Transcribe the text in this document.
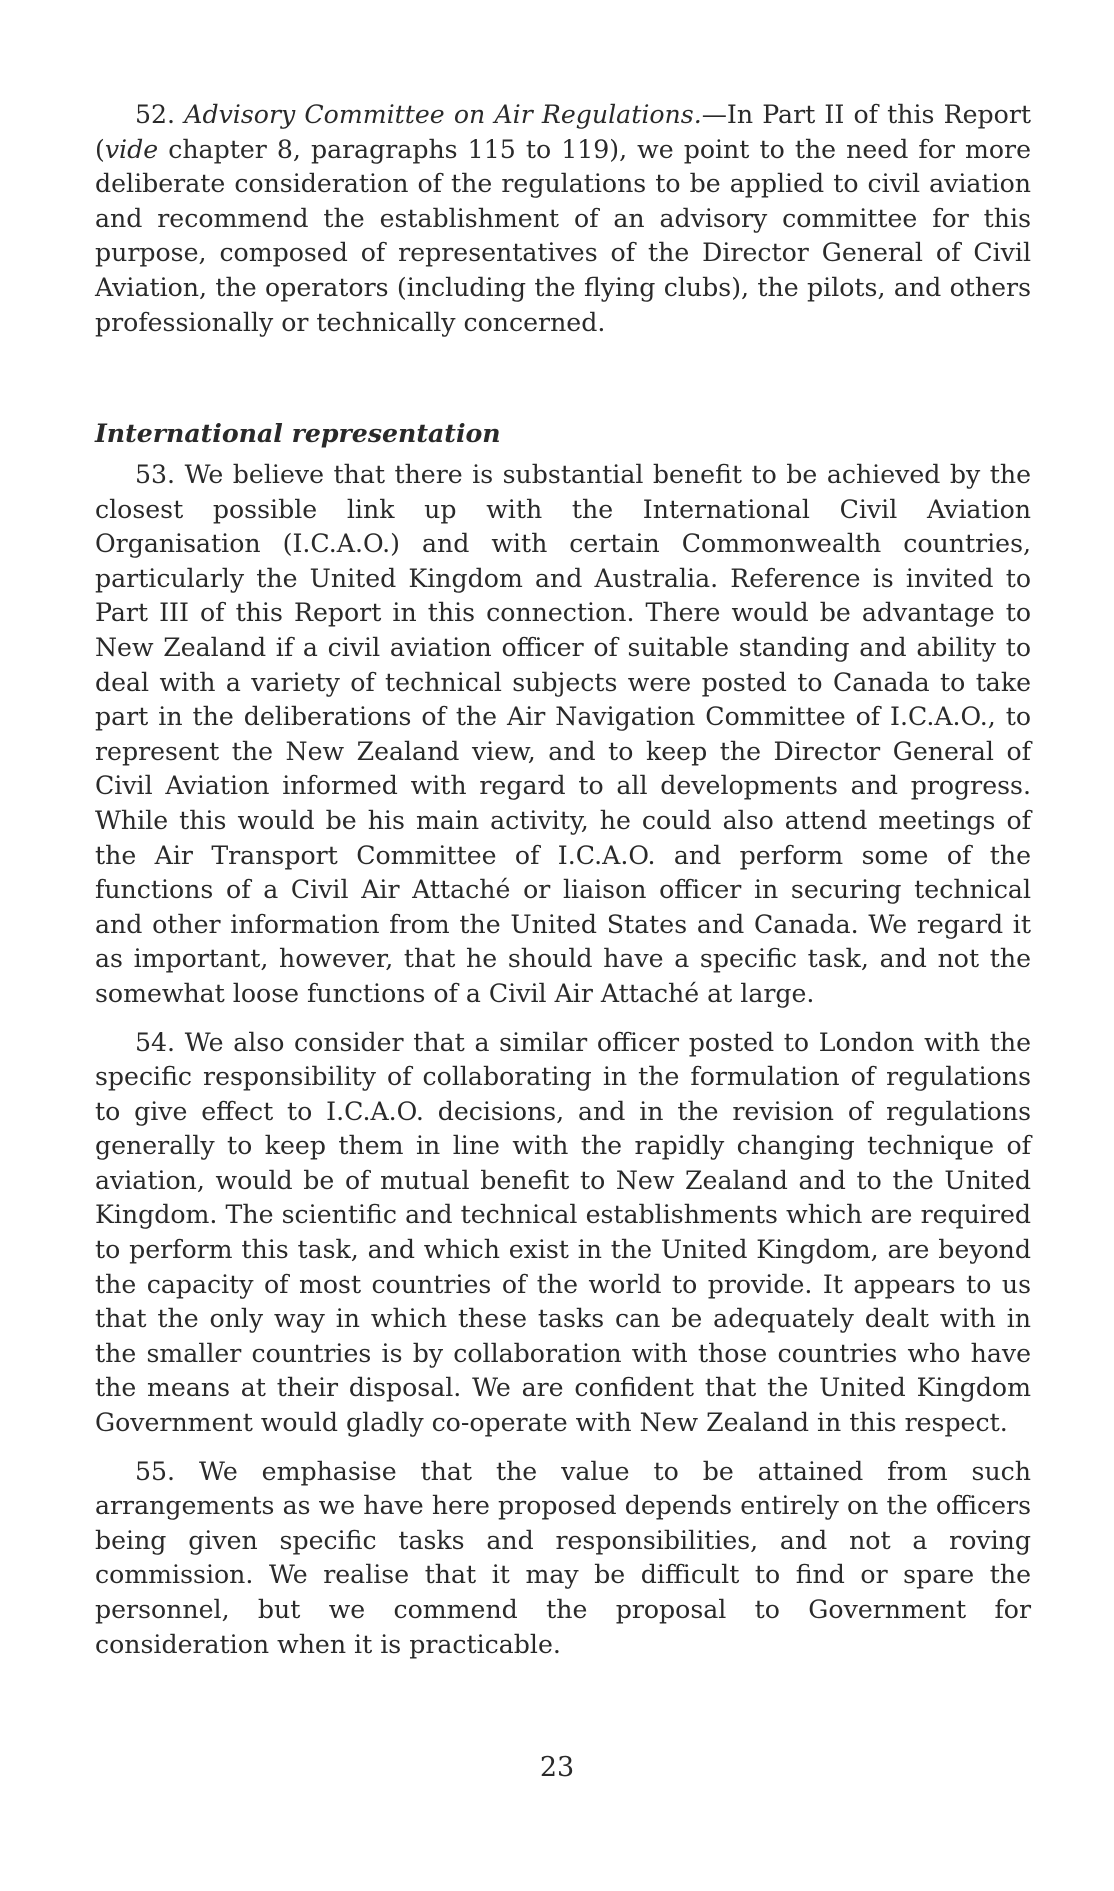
52. Advisory Committee on Air Regulations.—In Part II of this Report (vide chapter 8, paragraphs 115 to 119), we point to the need for more deliberate consideration of the regulations to be applied to civil aviation and recommend the establishment of an advisory committee for this purpose, composed of representatives of the Director General of Civil Aviation, the operators (including the flying clubs), the pilots, and others professionally or technically concerned.

International representation

53. We believe that there is substantial benefit to be achieved by the closest possible link up with the International Civil Aviation Organisation (I.C.A.O.) and with certain Commonwealth countries, particularly the United Kingdom and Australia. Reference is invited to Part III of this Report in this connection. There would be advantage to New Zealand if a civil aviation officer of suitable standing and ability to deal with a variety of technical subjects were posted to Canada to take part in the deliberations of the Air Navigation Committee of I.C.A.O., to represent the New Zealand view, and to keep the Director General of Civil Aviation informed with regard to all developments and progress. While this would be his main activity, he could also attend meetings of the Air Transport Committee of I.C.A.O. and perform some of the functions of a Civil Air Attaché or liaison officer in securing technical and other information from the United States and Canada. We regard it as important, however, that he should have a specific task, and not the somewhat loose functions of a Civil Air Attaché at large.

54. We also consider that a similar officer posted to London with the specific responsibility of collaborating in the formulation of regulations to give effect to I.C.A.O. decisions, and in the revision of regulations generally to keep them in line with the rapidly changing technique of aviation, would be of mutual benefit to New Zealand and to the United Kingdom. The scientific and technical establishments which are required to perform this task, and which exist in the United Kingdom, are beyond the capacity of most countries of the world to provide. It appears to us that the only way in which these tasks can be adequately dealt with in the smaller countries is by collaboration with those countries who have the means at their disposal. We are confident that the United Kingdom Government would gladly co-operate with New Zealand in this respect.

55. We emphasise that the value to be attained from such arrangements as we have here proposed depends entirely on the officers being given specific tasks and responsibilities, and not a roving commission. We realise that it may be difficult to find or spare the personnel, but we commend the proposal to Government for consideration when it is practicable.

23
